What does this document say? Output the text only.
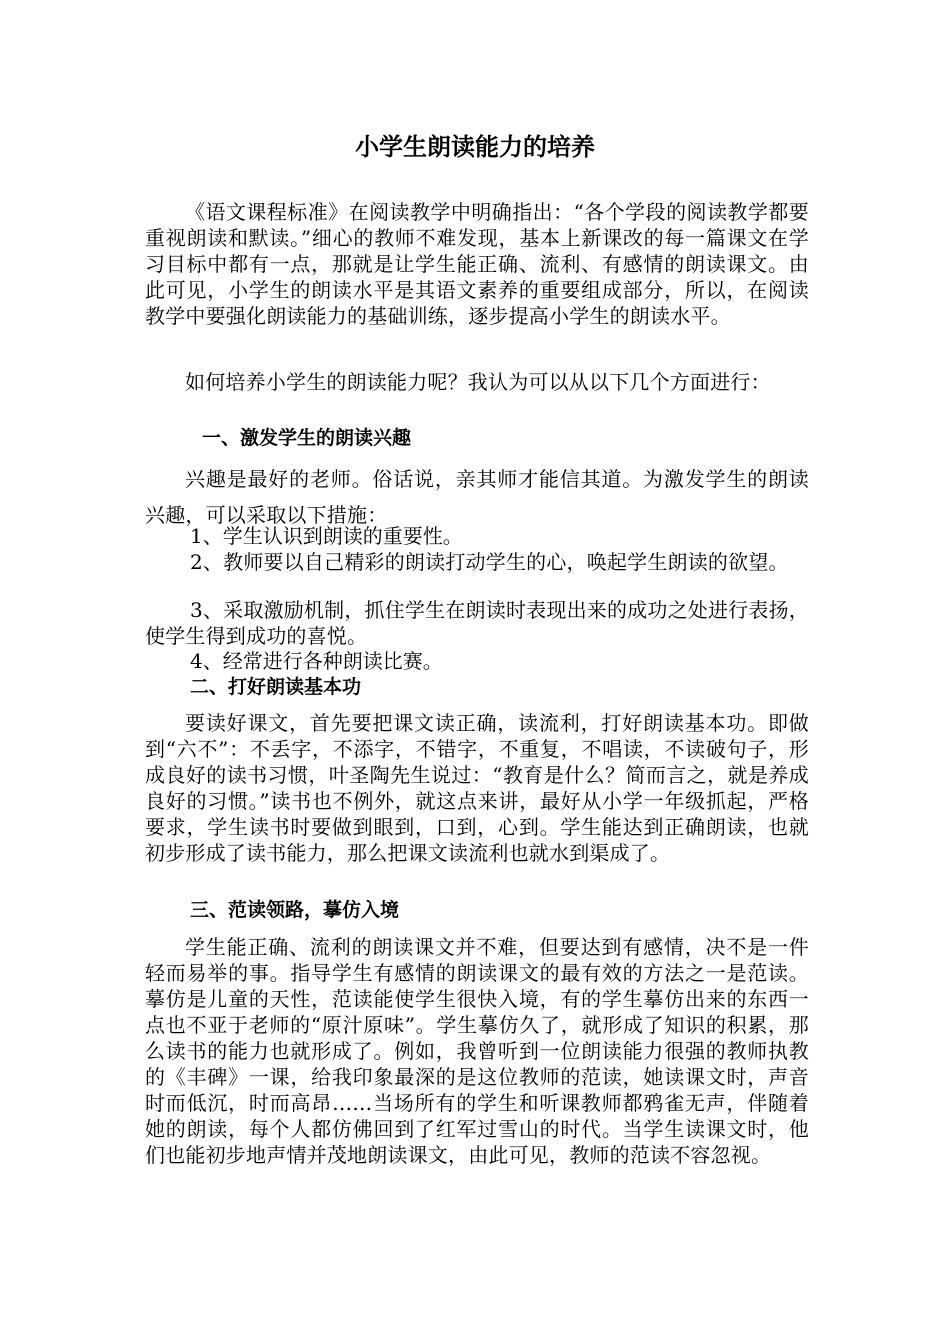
小学生朗读能力的培养

《语文课程标准》在阅读教学中明确指出：“各个学段的阅读教学都要重视朗读和默读。”细心的教师不难发现，基本上新课改的每一篇课文在学习目标中都有一点，那就是让学生能正确、流利、有感情的朗读课文。由此可见，小学生的朗读水平是其语文素养的重要组成部分，所以，在阅读教学中要强化朗读能力的基础训练，逐步提高小学生的朗读水平。

如何培养小学生的朗读能力呢？我认为可以从以下几个方面进行：

一、激发学生的朗读兴趣

兴趣是最好的老师。俗话说，亲其师才能信其道。为激发学生的朗读兴趣，可以采取以下措施：

1、学生认识到朗读的重要性。

2、教师要以自己精彩的朗读打动学生的心，唤起学生朗读的欲望。

3、采取激励机制，抓住学生在朗读时表现出来的成功之处进行表扬，使学生得到成功的喜悦。

4、经常进行各种朗读比赛。

二、打好朗读基本功

要读好课文，首先要把课文读正确，读流利，打好朗读基本功。即做到“六不”：不丢字，不添字，不错字，不重复，不唱读，不读破句子，形成良好的读书习惯，叶圣陶先生说过：“教育是什么？简而言之，就是养成良好的习惯。”读书也不例外，就这点来讲，最好从小学一年级抓起，严格要求，学生读书时要做到眼到，口到，心到。学生能达到正确朗读，也就初步形成了读书能力，那么把课文读流利也就水到渠成了。

三、范读领路，摹仿入境

学生能正确、流利的朗读课文并不难，但要达到有感情，决不是一件轻而易举的事。指导学生有感情的朗读课文的最有效的方法之一是范读。摹仿是儿童的天性，范读能使学生很快入境，有的学生摹仿出来的东西一点也不亚于老师的“原汁原味”。学生摹仿久了，就形成了知识的积累，那么读书的能力也就形成了。例如，我曾听到一位朗读能力很强的教师执教的《丰碑》一课，给我印象最深的是这位教师的范读，她读课文时，声音时而低沉，时而高昂……当场所有的学生和听课教师都鸦雀无声，伴随着她的朗读，每个人都仿佛回到了红军过雪山的时代。当学生读课文时，他们也能初步地声情并茂地朗读课文，由此可见，教师的范读不容忽视。
